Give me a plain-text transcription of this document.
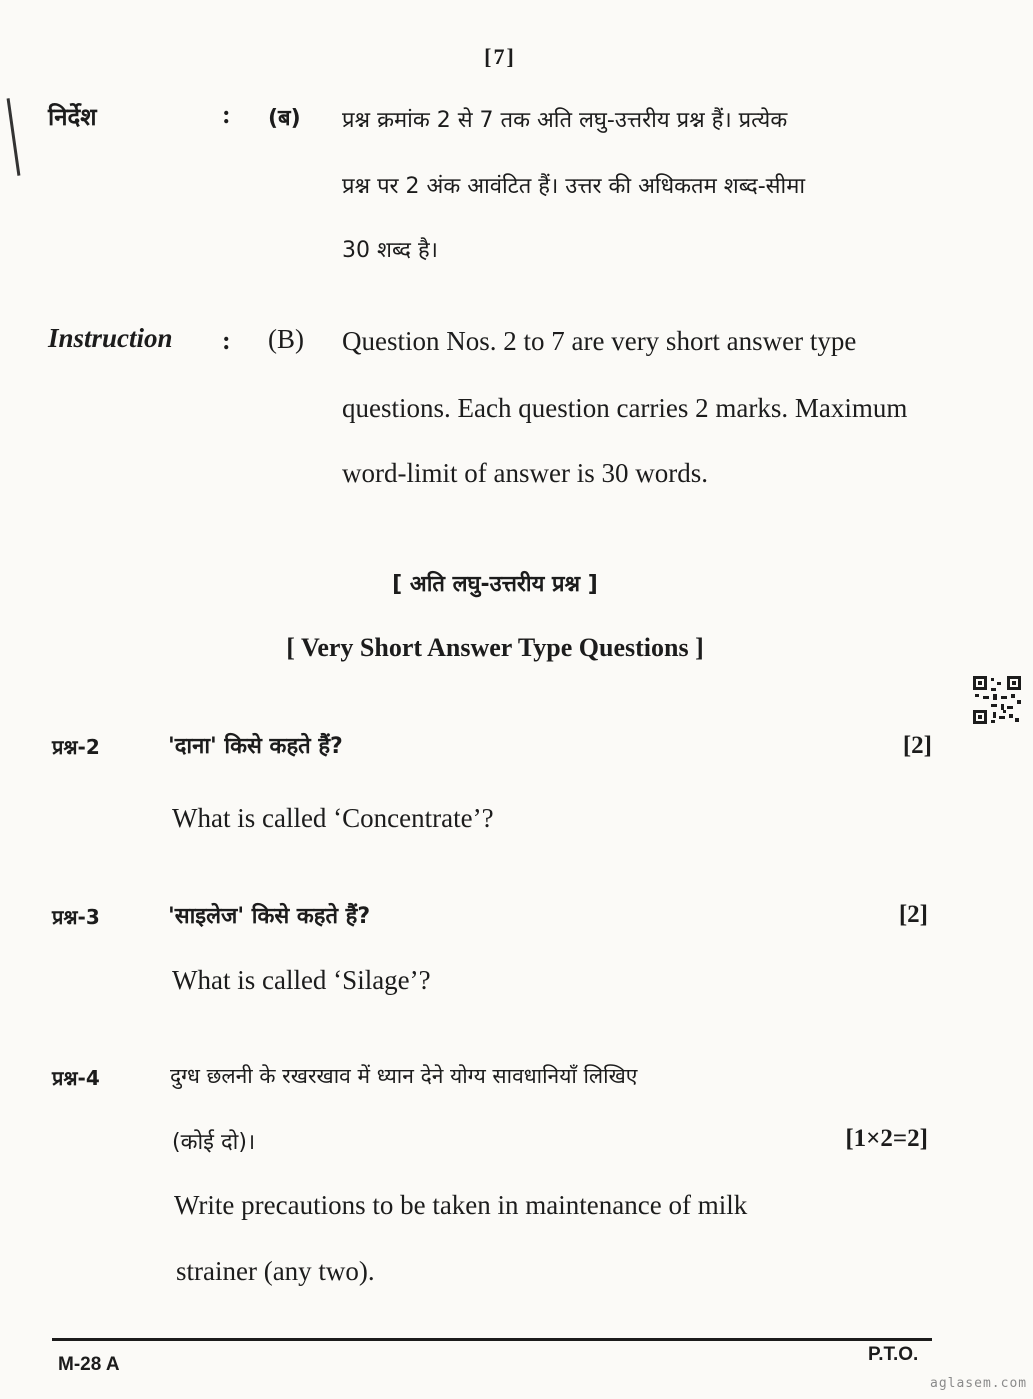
[7]
निर्देश	: (ब) प्रश्न क्रमांक 2 से 7 तक अति लघु-उत्तरीय प्रश्न हैं। प्रत्येक
प्रश्न पर 2 अंक आवंटित हैं। उत्तर की अधिकतम शब्द-सीमा
30 शब्द है।
Instruction : (B) Question Nos. 2 to 7 are very short answer type
questions. Each question carries 2 marks. Maximum
word-limit of answer is 30 words.
[ अति लघु-उत्तरीय प्रश्न ]
[ Very Short Answer Type Questions ]
प्रश्न-2	'दाना' किसे कहते हैं?	[2]
What is called ‘Concentrate’?
प्रश्न-3	'साइलेज' किसे कहते हैं?	[2]
What is called ‘Silage’?
प्रश्न-4	दुग्ध छलनी के रखरखाव में ध्यान देने योग्य सावधानियाँ लिखिए
(कोई दो)।	[1×2=2]
Write precautions to be taken in maintenance of milk
strainer (any two).
M-28 A	P.T.O.
aglasem.com
